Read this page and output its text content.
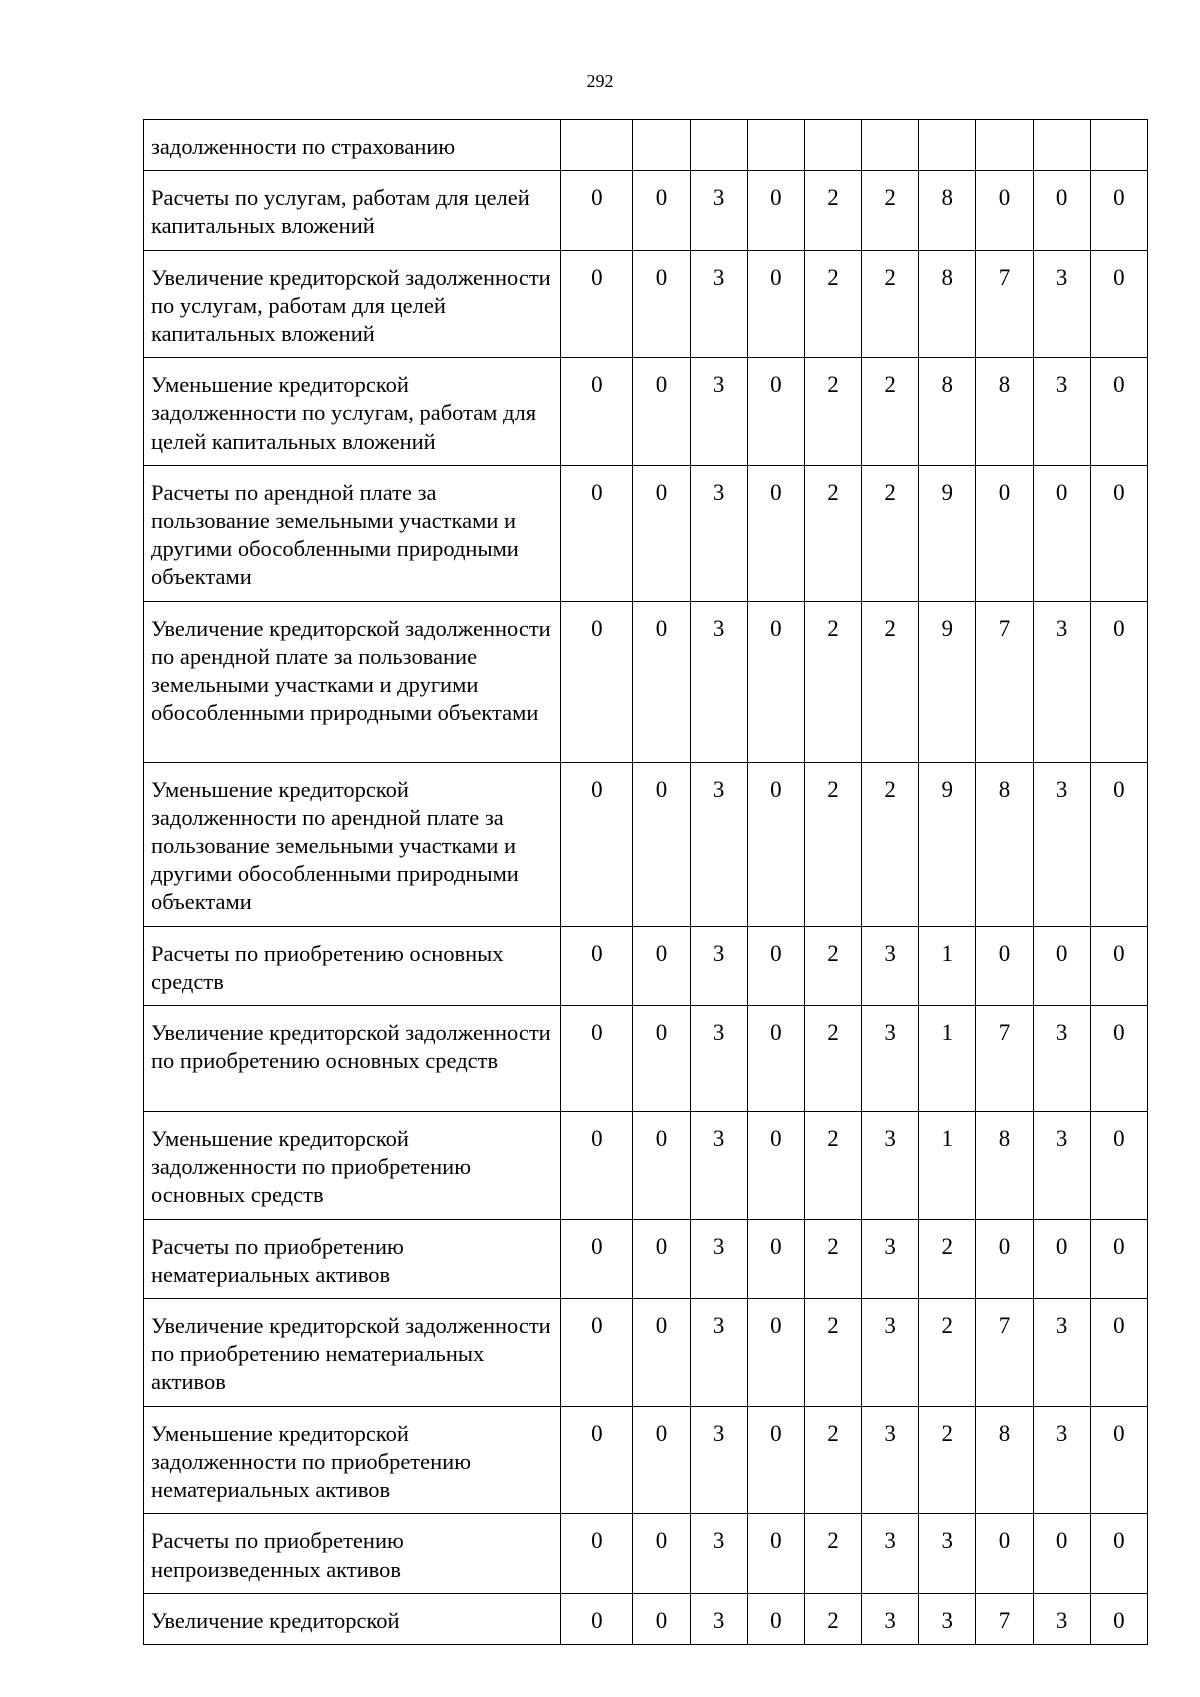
292
задолженности по страхованию										
Расчеты по услугам, работам для целей капитальных вложений	0	0	3	0	2	2	8	0	0	0
Увеличение кредиторской задолженности по услугам, работам для целей капитальных вложений	0	0	3	0	2	2	8	7	3	0
Уменьшение кредиторской задолженности по услугам, работам для целей капитальных вложений	0	0	3	0	2	2	8	8	3	0
Расчеты по арендной плате за пользование земельными участками и другими обособленными природными объектами	0	0	3	0	2	2	9	0	0	0
Увеличение кредиторской задолженности по арендной плате за пользование земельными участками и другими обособленными природными объектами	0	0	3	0	2	2	9	7	3	0
Уменьшение кредиторской задолженности по арендной плате за пользование земельными участками и другими обособленными природными объектами	0	0	3	0	2	2	9	8	3	0
Расчеты по приобретению основных средств	0	0	3	0	2	3	1	0	0	0
Увеличение кредиторской задолженности по приобретению основных средств	0	0	3	0	2	3	1	7	3	0
Уменьшение кредиторской задолженности по приобретению основных средств	0	0	3	0	2	3	1	8	3	0
Расчеты по приобретению нематериальных активов	0	0	3	0	2	3	2	0	0	0
Увеличение кредиторской задолженности по приобретению нематериальных активов	0	0	3	0	2	3	2	7	3	0
Уменьшение кредиторской задолженности по приобретению нематериальных активов	0	0	3	0	2	3	2	8	3	0
Расчеты по приобретению непроизведенных активов	0	0	3	0	2	3	3	0	0	0
Увеличение кредиторской	0	0	3	0	2	3	3	7	3	0
